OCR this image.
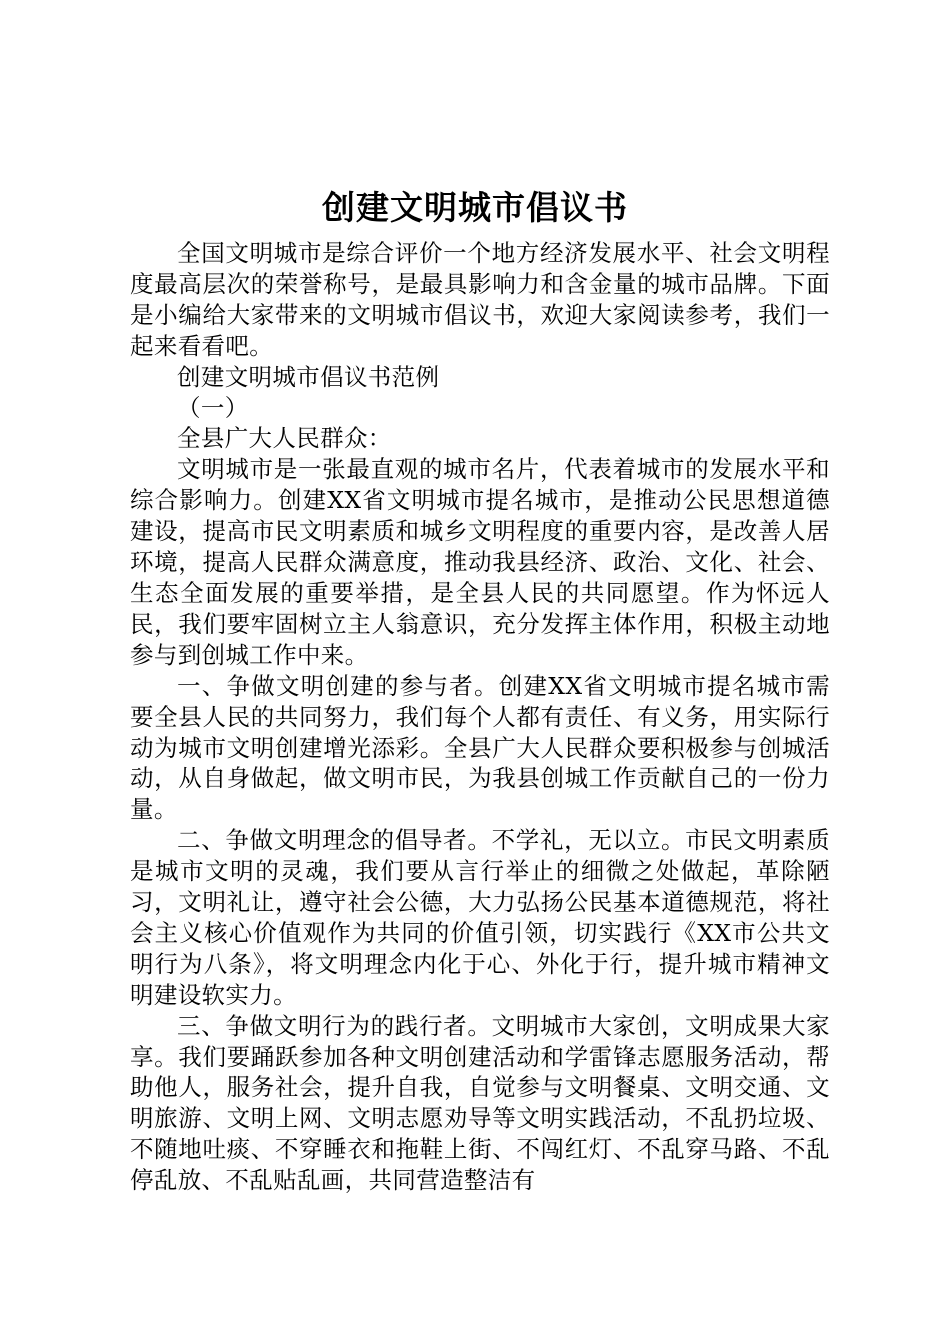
创建文明城市倡议书

全国文明城市是综合评价一个地方经济发展水平、社会文明程度最高层次的荣誉称号，是最具影响力和含金量的城市品牌。下面是小编给大家带来的文明城市倡议书，欢迎大家阅读参考，我们一起来看看吧。

创建文明城市倡议书范例

（一）

全县广大人民群众：

文明城市是一张最直观的城市名片，代表着城市的发展水平和综合影响力。创建XX省文明城市提名城市，是推动公民思想道德建设，提高市民文明素质和城乡文明程度的重要内容，是改善人居环境，提高人民群众满意度，推动我县经济、政治、文化、社会、生态全面发展的重要举措，是全县人民的共同愿望。作为怀远人民，我们要牢固树立主人翁意识，充分发挥主体作用，积极主动地参与到创城工作中来。

一、争做文明创建的参与者。创建XX省文明城市提名城市需要全县人民的共同努力，我们每个人都有责任、有义务，用实际行动为城市文明创建增光添彩。全县广大人民群众要积极参与创城活动，从自身做起，做文明市民，为我县创城工作贡献自己的一份力量。

二、争做文明理念的倡导者。不学礼，无以立。市民文明素质是城市文明的灵魂，我们要从言行举止的细微之处做起，革除陋习，文明礼让，遵守社会公德，大力弘扬公民基本道德规范，将社会主义核心价值观作为共同的价值引领，切实践行《XX市公共文明行为八条》，将文明理念内化于心、外化于行，提升城市精神文明建设软实力。

三、争做文明行为的践行者。文明城市大家创，文明成果大家享。我们要踊跃参加各种文明创建活动和学雷锋志愿服务活动，帮助他人，服务社会，提升自我，自觉参与文明餐桌、文明交通、文明旅游、文明上网、文明志愿劝导等文明实践活动，不乱扔垃圾、不随地吐痰、不穿睡衣和拖鞋上街、不闯红灯、不乱穿马路、不乱停乱放、不乱贴乱画，共同营造整洁有
